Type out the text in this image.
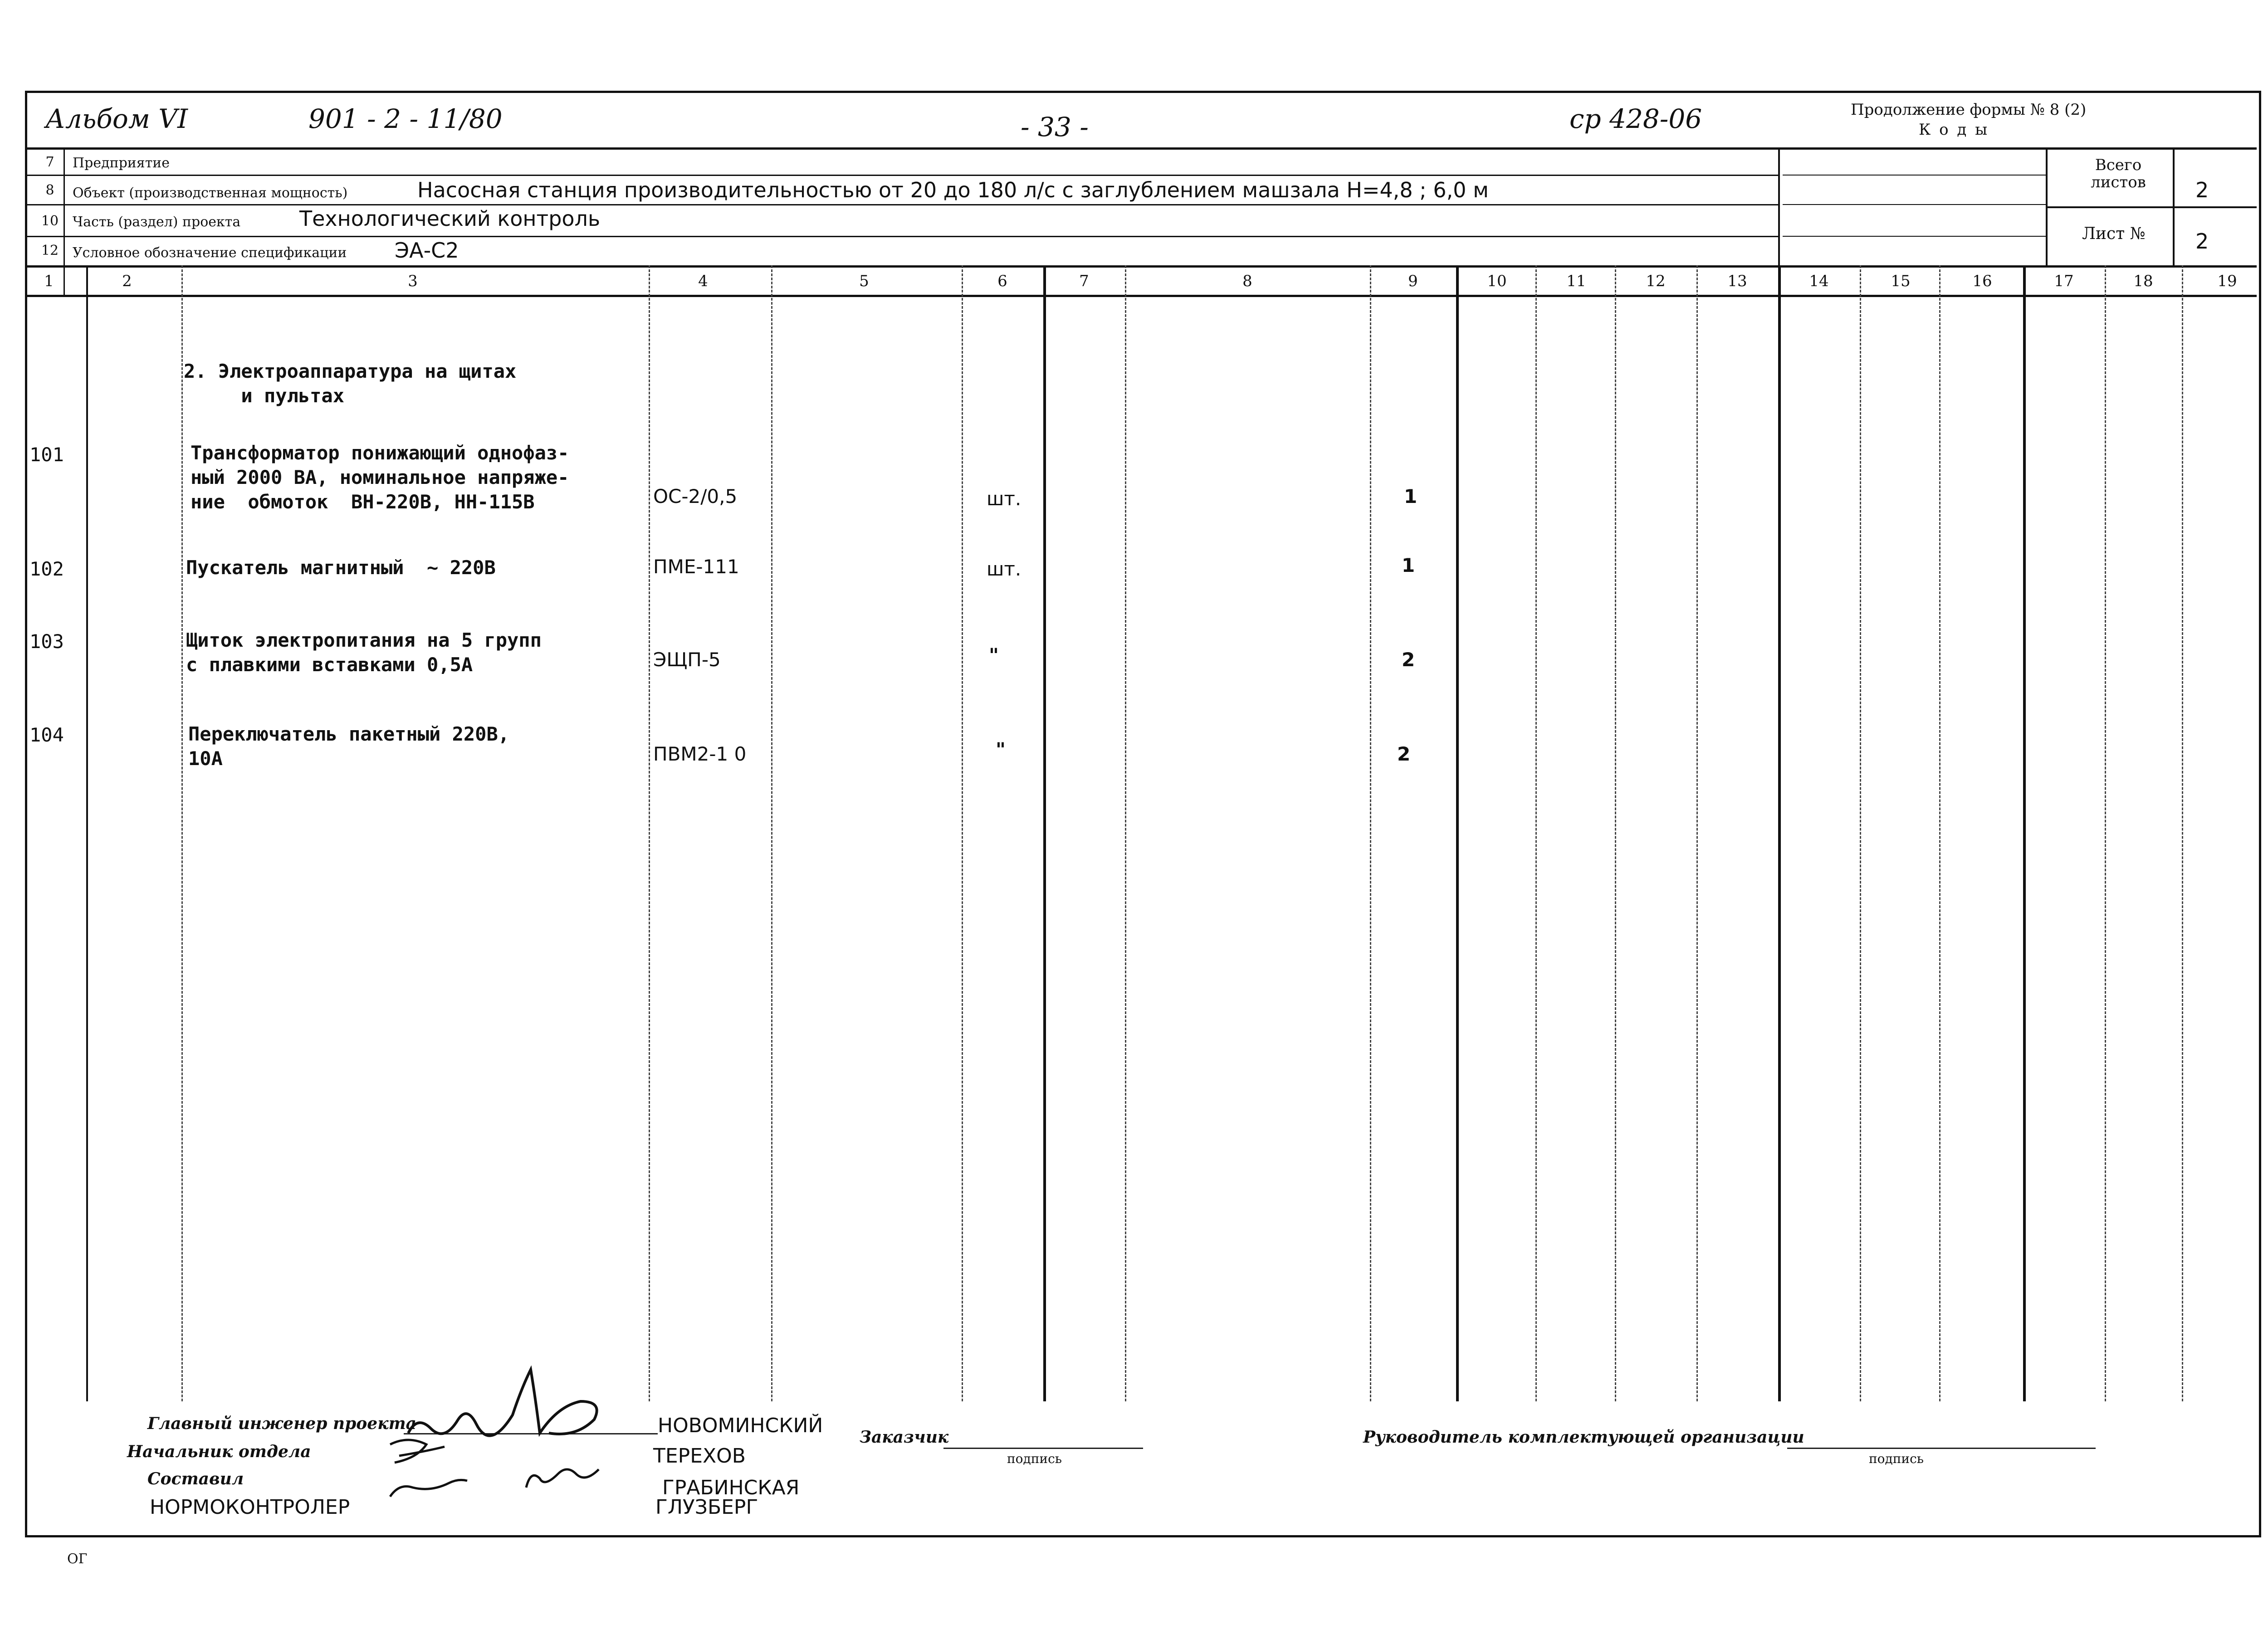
Альбом VI	901 - 2 - 11/80	- 33 -	ср 428-06	Продолжение формы № 8 (2)
К о д ы
7	Предприятие
8	Объект (производственная мощность)	Насосная станция производительностью от 20 до 180 л/с с заглублением машзала Н=4,8 ; 6,0 м
10	Часть (раздел) проекта	Технологический контроль
12	Условное обозначение спецификации ЭА-С2
Всего листов	2
Лист № 2
1	2	3	4	5	6	7	8	9	10	11	12	13	14	15	16	17	18	19
2. Электроаппаратура на щитах
и пультах
101	Трансформатор понижающий однофаз-
ный 2000 ВА, номинальное напряже-
ние  обмоток  ВН-220В, НН-115В	ОС-2/0,5	шт.	1
102	Пускатель магнитный  ~ 220В	ПМЕ-111	шт.	1
103	Щиток электропитания на 5 групп
с плавкими вставками 0,5А	ЭЩП-5	"	2
104	Переключатель пакетный 220В,
10А	ПВМ2-1 0	"	2
Главный инженер проекта	НОВОМИНСКИЙ
Начальник отдела	ТЕРЕХОВ
Составил	ГРАБИНСКАЯ
НОРМОКОНТРОЛЕР	ГЛУЗБЕРГ
Заказчик
подпись
Руководитель комплектующей организации
подпись
ОГ
